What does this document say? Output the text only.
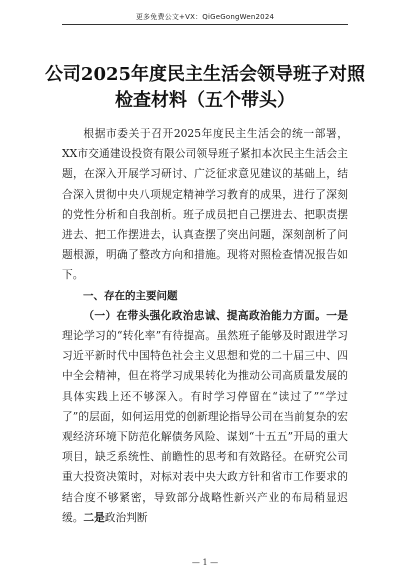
更多免费公文+VX：QiGeGongWen2024
公司2025年度民主生活会领导班子对照
检查材料（五个带头）

根据市委关于召开2025年度民主生活会的统一部署，XX市交通建设投资有限公司领导班子紧扣本次民主生活会主题，在深入开展学习研讨、广泛征求意见建议的基础上，结合深入贯彻中央八项规定精神学习教育的成果，进行了深刻的党性分析和自我剖析。班子成员把自己摆进去、把职责摆进去、把工作摆进去，认真查摆了突出问题，深刻剖析了问题根源，明确了整改方向和措施。现将对照检查情况报告如下。

一、存在的主要问题

（一）在带头强化政治忠诚、提高政治能力方面。一是理论学习的“转化率”有待提高。虽然班子能够及时跟进学习习近平新时代中国特色社会主义思想和党的二十届三中、四中全会精神，但在将学习成果转化为推动公司高质量发展的具体实践上还不够深入。有时学习停留在“读过了”“学过了”的层面，如何运用党的创新理论指导公司在当前复杂的宏观经济环境下防范化解债务风险、谋划“十五五”开局的重大项目，缺乏系统性、前瞻性的思考和有效路径。在研究公司重大投资决策时，对标对表中央大政方针和省市工作要求的结合度不够紧密，导致部分战略性新兴产业的布局稍显迟缓。二是政治判断

— 1 —
